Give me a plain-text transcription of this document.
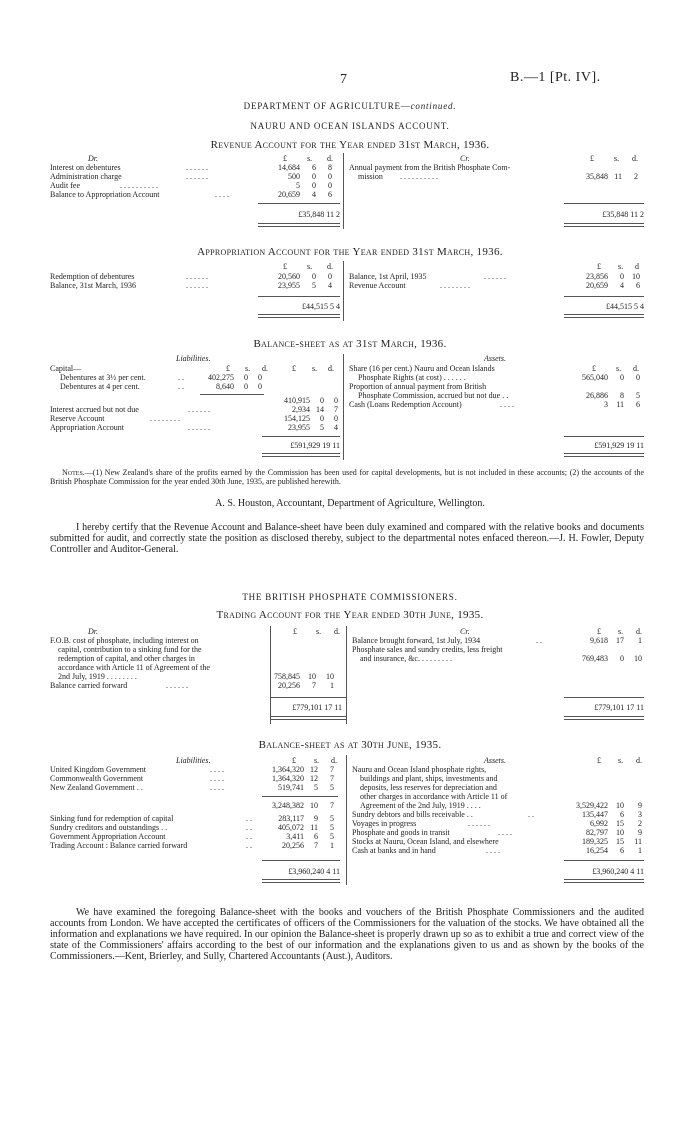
7	B.—1 [Pt. IV].
DEPARTMENT OF AGRICULTURE—continued.
NAURU AND OCEAN ISLANDS ACCOUNT.
Revenue Account for the Year ended 31st March, 1936.
Dr.	Cr.
£	s. d.	£	s. d.
Interest on debentures	. . . . . .	14,684	6	8
Administration charge	. . . . . .	500	0	0
Audit fee	. . . . . . . . . .	5	0	0
Balance to Appropriation Account	. . . .	20,659	4	6
Annual payment from the British Phosphate Com-
mission . . . . . . . . . .	35,848 11	2
£35,848 11 2	£35,848 11 2
Appropriation Account for the Year ended 31st March, 1936.
£	s. d.	£ s. d
Redemption of debentures	. . . . . .	20,560	0	0
Balance, 31st March, 1936	. . . . . .	23,955	5	4
Balance, 1st April, 1935	. . . . . .	23,856	0	10
Revenue Account	. . . . . . . .	20,659	4	6
£44,515 5 4	£44,515 5 4
Balance-sheet as at 31st March, 1936.
Liabilities.	Assets.
Capital—	£ s. d.	£ s. d.
Debentures at 3½ per cent.	. .	402,275	0	0
Debentures at 4 per cent.	. .	8,640	0	0
410,915	0	0
Interest accrued but not due	. . . . . .	2,934 14	7
Reserve Account	. . . . . . . .	154,125	0	0
Appropriation Account	. . . . . .	23,955	5	4
£	s. d.
Share (16 per cent.) Nauru and Ocean Islands
Phosphate Rights (at cost) . . . . . .	565,040	0	0
Proportion of annual payment from British
Phosphate Commission, accrued but not due . .	26,886	8	5
Cash (Loans Redemption Account)	. . . .	3	11	6
£591,929 19 11	£591,929 19 11
Notes.—(1) New Zealand's share of the profits earned by the Commission has been used for capital developments, but is not included in these accounts; (2) the accounts of the British Phosphate Commission for the year ended 30th June, 1935, are published herewith.
A. S. Houston, Accountant, Department of Agriculture, Wellington.
I hereby certify that the Revenue Account and Balance-sheet have been duly examined and compared with the relative books and documents submitted for audit, and correctly state the position as disclosed thereby, subject to the departmental notes enfaced thereon.—J. H. Fowler, Deputy Controller and Auditor-General.
THE BRITISH PHOSPHATE COMMISSIONERS.
Trading Account for the Year ended 30th June, 1935.
Dr.	Cr.
£ s. d.	£ s. d.
F.O.B. cost of phosphate, including interest on
capital, contribution to a sinking fund for the
redemption of capital, and other charges in
accordance with Article 11 of Agreement of the
2nd July, 1919 . . . . . . . .	758,845	10	10
Balance carried forward	. . . . . .	20,256	7	1
Balance brought forward, 1st July, 1934	. .	9,618	17	1
Phosphate sales and sundry credits, less freight
and insurance, &c. . . . . . . . .	769,483	0	10
£779,101 17 11	£779,101 17 11
Balance-sheet as at 30th June, 1935.
Liabilities.	Assets.
£ s. d.	£ s. d.
United Kingdom Government	. . . .	1,364,320 12	7
Commonwealth Government	. . . .	1,364,320 12	7
New Zealand Government . .	. . . .	519,741	5	5
3,248,382 10	7
Sinking fund for redemption of capital	. .	283,117	9	5
Sundry creditors and outstandings . .	. .	405,072 11	5
Government Appropriation Account	. .	3,411	6	5
Trading Account : Balance carried forward	. .	20,256	7	1
Nauru and Ocean Island phosphate rights,
buildings and plant, ships, investments and
deposits, less reserves for depreciation and
other charges in accordance with Article 11 of
Agreement of the 2nd July, 1919 . . . .	3,529,422	10	9
Sundry debtors and bills receivable . .	. .	135,447	6	3
Voyages in progress	. . . . . .	6,992	15	2
Phosphate and goods in transit	. . . .	82,797	10	9
Stocks at Nauru, Ocean Island, and elsewhere	189,325	15	11
Cash at banks and in hand	. . . .	16,254	6	1
£3,960,240 4 11	£3,960,240 4 11
We have examined the foregoing Balance-sheet with the books and vouchers of the British Phosphate Commissioners and the audited accounts from London. We have accepted the certificates of officers of the Commissioners for the valuation of the stocks. We have obtained all the information and explanations we have required. In our opinion the Balance-sheet is properly drawn up so as to exhibit a true and correct view of the state of the Commissioners' affairs according to the best of our information and the explanations given to us and as shown by the books of the Commissioners.—Kent, Brierley, and Sully, Chartered Accountants (Aust.), Auditors.
